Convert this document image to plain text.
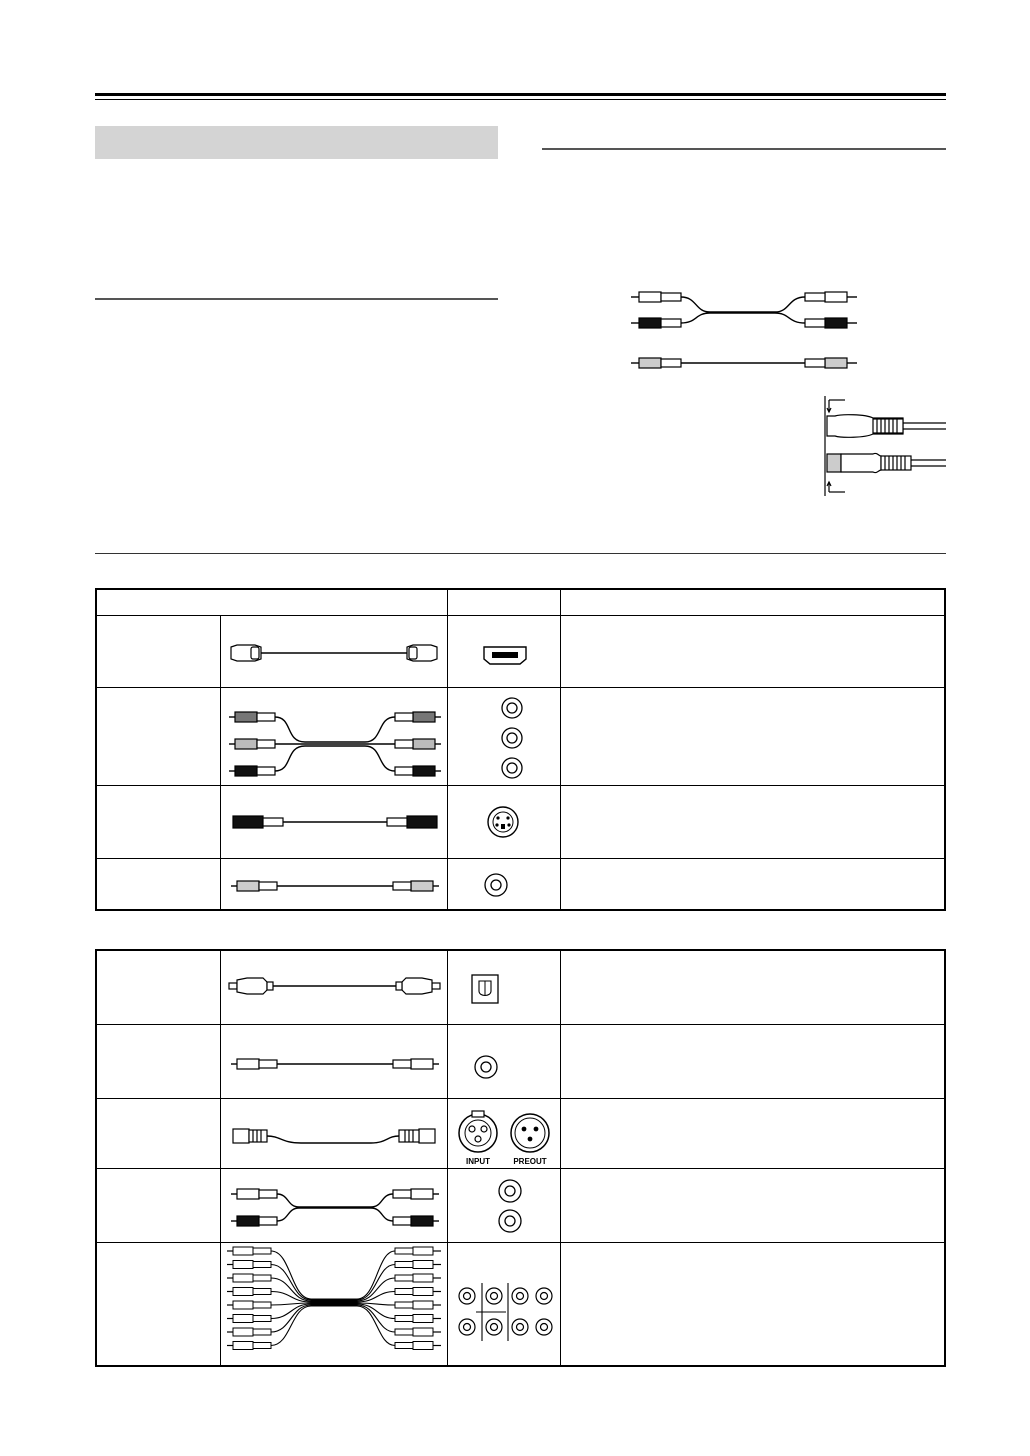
INPUT PREOUT	
